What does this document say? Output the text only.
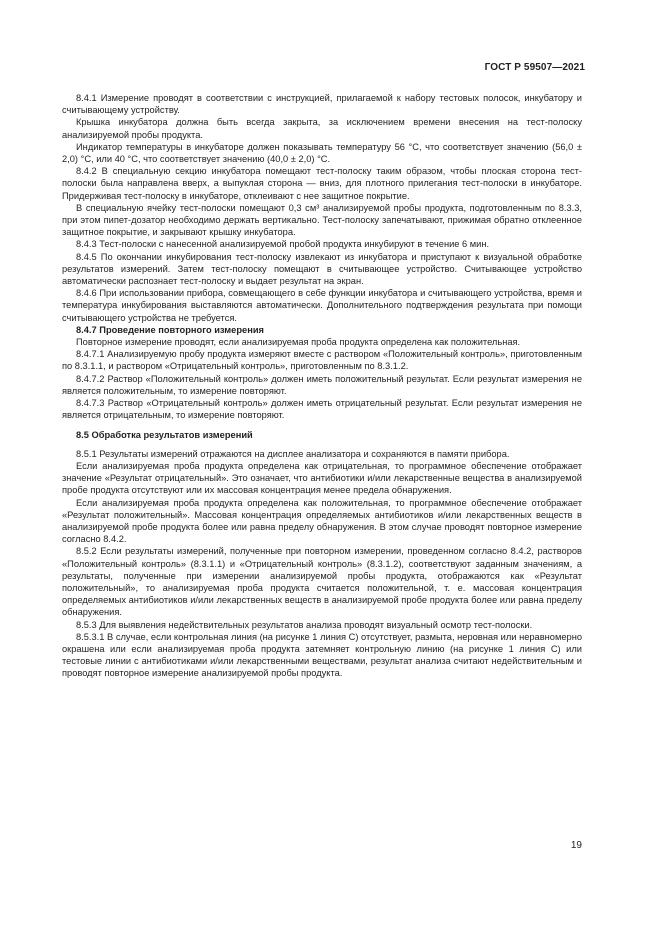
ГОСТ Р 59507—2021

8.4.1 Измерение проводят в соответствии с инструкцией, прилагаемой к набору тестовых полосок, инкубатору и считывающему устройству.

Крышка инкубатора должна быть всегда закрыта, за исключением времени внесения на тест-полоску анализируемой пробы продукта.

Индикатор температуры в инкубаторе должен показывать температуру 56 °С, что соответствует значению (56,0 ± 2,0) °С, или 40 °С, что соответствует значению (40,0 ± 2,0) °С.

8.4.2 В специальную секцию инкубатора помещают тест-полоску таким образом, чтобы плоская сторона тест-полоски была направлена вверх, а выпуклая сторона — вниз, для плотного прилегания тест-полоски в инкубаторе. Придерживая тест-полоску в инкубаторе, отклеивают с нее защитное покрытие.

В специальную ячейку тест-полоски помещают 0,3 см³ анализируемой пробы продукта, подготовленным по 8.3.3, при этом пипет-дозатор необходимо держать вертикально. Тест-полоску запечатывают, прижимая обратно отклеенное защитное покрытие, и закрывают крышку инкубатора.

8.4.3 Тест-полоски с нанесенной анализируемой пробой продукта инкубируют в течение 6 мин.

8.4.5 По окончании инкубирования тест-полоску извлекают из инкубатора и приступают к визуальной обработке результатов измерений. Затем тест-полоску помещают в считывающее устройство. Считывающее устройство автоматически распознает тест-полоску и выдает результат на экран.

8.4.6 При использовании прибора, совмещающего в себе функции инкубатора и считывающего устройства, время и температура инкубирования выставляются автоматически. Дополнительного подтверждения результата при помощи считывающего устройства не требуется.

8.4.7 Проведение повторного измерения

Повторное измерение проводят, если анализируемая проба продукта определена как положительная.

8.4.7.1 Анализируемую пробу продукта измеряют вместе с раствором «Положительный контроль», приготовленным по 8.3.1.1, и раствором «Отрицательный контроль», приготовленным по 8.3.1.2.

8.4.7.2 Раствор «Положительный контроль» должен иметь положительный результат. Если результат измерения не является положительным, то измерение повторяют.

8.4.7.3 Раствор «Отрицательный контроль» должен иметь отрицательный результат. Если результат измерения не является отрицательным, то измерение повторяют.

8.5 Обработка результатов измерений

8.5.1 Результаты измерений отражаются на дисплее анализатора и сохраняются в памяти прибора.

Если анализируемая проба продукта определена как отрицательная, то программное обеспечение отображает значение «Результат отрицательный». Это означает, что антибиотики и/или лекарственные вещества в анализируемой пробе продукта отсутствуют или их массовая концентрация менее предела обнаружения.

Если анализируемая проба продукта определена как положительная, то программное обеспечение отображает «Результат положительный». Массовая концентрация определяемых антибиотиков и/или лекарственных веществ в анализируемой пробе продукта более или равна пределу обнаружения. В этом случае проводят повторное измерение согласно 8.4.2.

8.5.2 Если результаты измерений, полученные при повторном измерении, проведенном согласно 8.4.2, растворов «Положительный контроль» (8.3.1.1) и «Отрицательный контроль» (8.3.1.2), соответствуют заданным значениям, а результаты, полученные при измерении анализируемой пробы продукта, отображаются как «Результат положительный», то анализируемая проба продукта считается положительной, т. е. массовая концентрация определяемых антибиотиков и/или лекарственных веществ в анализируемой пробе продукта более или равна пределу обнаружения.

8.5.3 Для выявления недействительных результатов анализа проводят визуальный осмотр тест-полоски.

8.5.3.1 В случае, если контрольная линия (на рисунке 1 линия С) отсутствует, размыта, неровная или неравномерно окрашена или если анализируемая проба продукта затемняет контрольную линию (на рисунке 1 линия С) или тестовые линии с антибиотиками и/или лекарственными веществами, результат анализа считают недействительным и проводят повторное измерение анализируемой пробы продукта.

19
